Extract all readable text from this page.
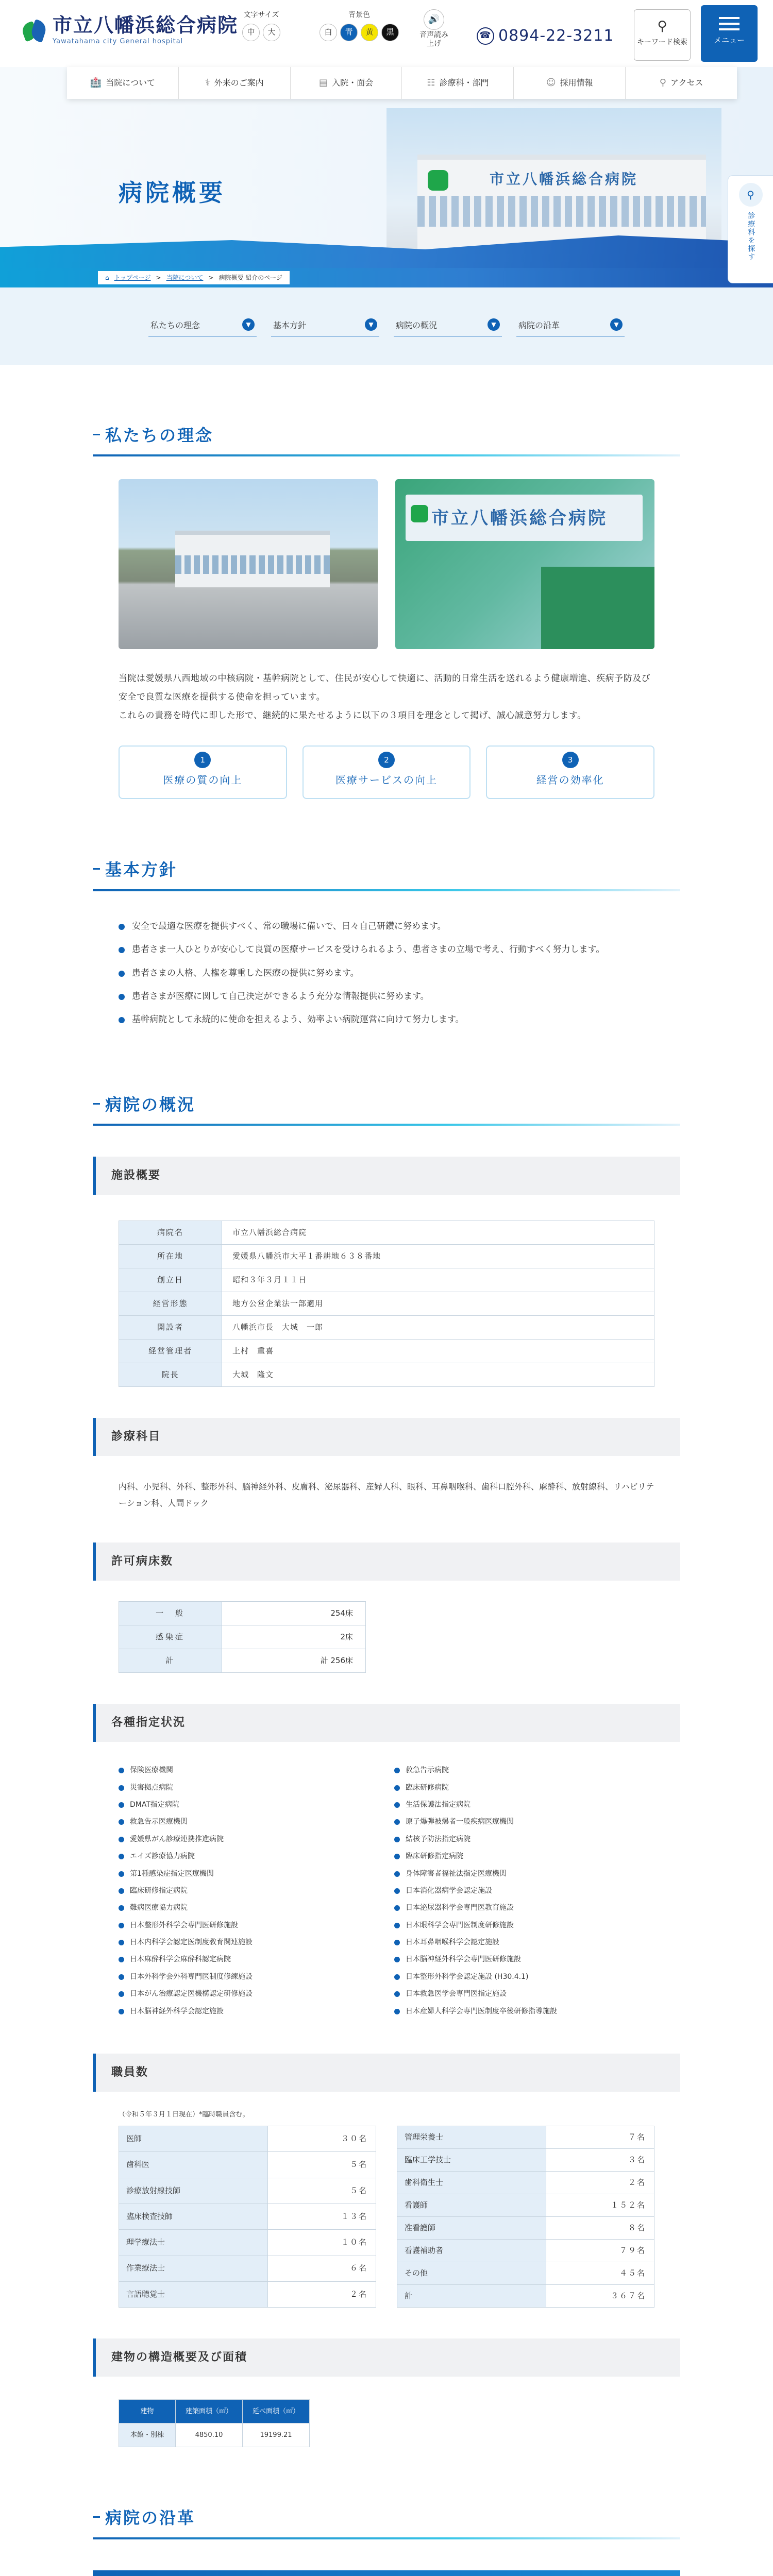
市立八幡浜総合病院
Yawatahama city General hospital
文字サイズ
中	大
背景色
白	青	黄	黒
🔊
音声読み上げ
☎ 0894-22-3211
⚲
キーワード検索	メニュー
🏥 当院について	⚕ 外来のご案内	▤ 入院・面会	☷ 診療科・部門	☺ 採用情報	⚲ アクセス
病院概要	市立八幡浜総合病院
⚲
診療科を探す
⌂ トップページ > 当院について > 病院概要 紹介のページ
私たちの理念	▼	基本方針	▼	病院の概況	▼	病院の沿革	▼
私たちの理念
市立八幡浜総合病院

当院は愛媛県八西地域の中核病院・基幹病院として、住民が安心して快適に、活動的日常生活を送れるよう健康増進、疾病予防及び安全で良質な医療を提供する使命を担っています。

これらの責務を時代に即した形で、継続的に果たせるように以下の３項目を理念として掲げ、誠心誠意努力します。

1
医療の質の向上
2
医療サービスの向上
3
経営の効率化
基本方針
安全で最適な医療を提供すべく、常の職場に備いで、日々自己研鑽に努めます。
患者さま一人ひとりが安心して良質の医療サービスを受けられるよう、患者さまの立場で考え、行動すべく努力します。
患者さまの人格、人権を尊重した医療の提供に努めます。
患者さまが医療に関して自己決定ができるよう充分な情報提供に努めます。
基幹病院として永続的に使命を担えるよう、効率よい病院運営に向けて努力します。
病院の概況
施設概要
病院名	市立八幡浜総合病院
所在地	愛媛県八幡浜市大平１番耕地６３８番地
創立日	昭和３年３月１１日
経営形態	地方公営企業法一部適用
開設者	八幡浜市長　大城　一郎
経営管理者	上村　重喜
院長	大城　隆文
診療科目

内科、小児科、外科、整形外科、脳神経外科、皮膚科、泌尿器科、産婦人科、眼科、耳鼻咽喉科、歯科口腔外科、麻酔科、放射線科、リハビリテーション科、人間ドック

許可病床数
一　般	254床
感染症	2床
計	計 256床
各種指定状況
保険医療機関
災害拠点病院
DMAT指定病院
救急告示医療機関
愛媛県がん診療連携推進病院
エイズ診療協力病院
第1種感染症指定医療機関
臨床研修指定病院
難病医療協力病院
日本整形外科学会専門医研修施設
日本内科学会認定医制度教育関連施設
日本麻酔科学会麻酔科認定病院
日本外科学会外科専門医制度修練施設
日本がん治療認定医機構認定研修施設
日本脳神経外科学会認定施設
救急告示病院
臨床研修病院
生活保護法指定病院
原子爆弾被爆者一般疾病医療機関
結核予防法指定病院
臨床研修指定病院
身体障害者福祉法指定医療機関
日本消化器病学会認定施設
日本泌尿器科学会専門医教育施設
日本眼科学会専門医制度研修施設
日本耳鼻咽喉科学会認定施設
日本脳神経外科学会専門医研修施設
日本整形外科学会認定施設 (H30.4.1)
日本救急医学会専門医指定施設
日本産婦人科学会専門医制度卒後研修指導施設
職員数

（令和５年３月１日現在）*臨時職員含む。

医師	３０名
歯科医	５名
診療放射線技師	５名
臨床検査技師	１３名
理学療法士	１０名
作業療法士	６名
言語聴覚士	２名
管理栄養士	７名
臨床工学技士	３名
歯科衛生士	２名
看護師	１５２名
准看護師	８名
看護補助者	７９名
その他	４５名
計	３６７名
建物の構造概要及び面積
建物	建築面積（㎡）	延べ面積（㎡）
本館・別棟	4850.10	19199.21
病院の沿革
